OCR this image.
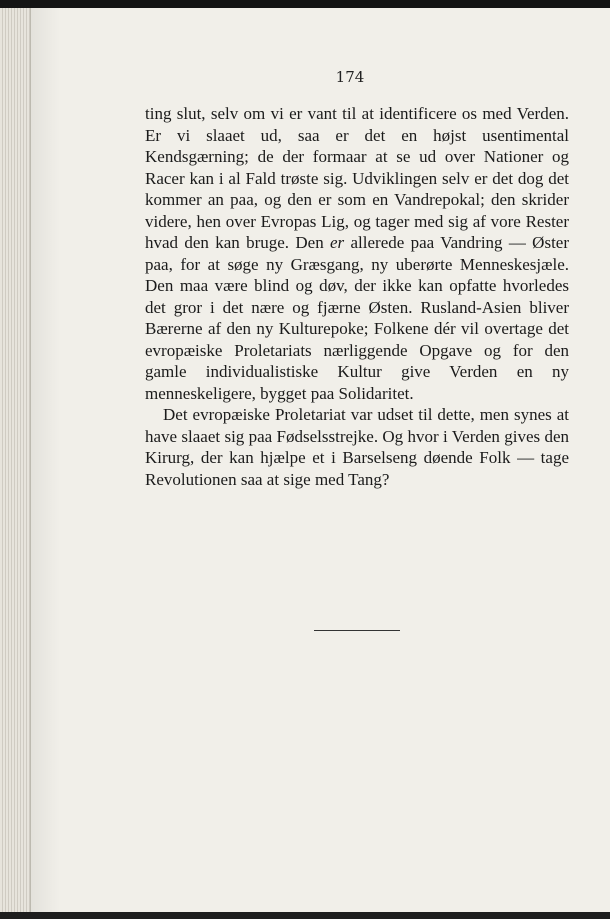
174

ting slut, selv om vi er vant til at identificere os med Verden. Er vi slaaet ud, saa er det en højst usentimental Kendsgærning; de der formaar at se ud over Nationer og Racer kan i al Fald trøste sig. Udviklingen selv er det dog det kommer an paa, og den er som en Vandrepokal; den skrider videre, hen over Evropas Lig, og tager med sig af vore Rester hvad den kan bruge. Den er allerede paa Vandring — Øster paa, for at søge ny Græsgang, ny uberørte Menneskesjæle. Den maa være blind og døv, der ikke kan opfatte hvorledes det gror i det nære og fjærne Østen. Rusland-Asien bliver Bærerne af den ny Kulturepoke; Folkene dér vil overtage det evropæiske Proletariats nærliggende Opgave og for den gamle individualistiske Kultur give Verden en ny menneskeligere, bygget paa Solidaritet.

Det evropæiske Proletariat var udset til dette, men synes at have slaaet sig paa Fødselsstrejke. Og hvor i Verden gives den Kirurg, der kan hjælpe et i Barselseng døende Folk — tage Revolutionen saa at sige med Tang?
